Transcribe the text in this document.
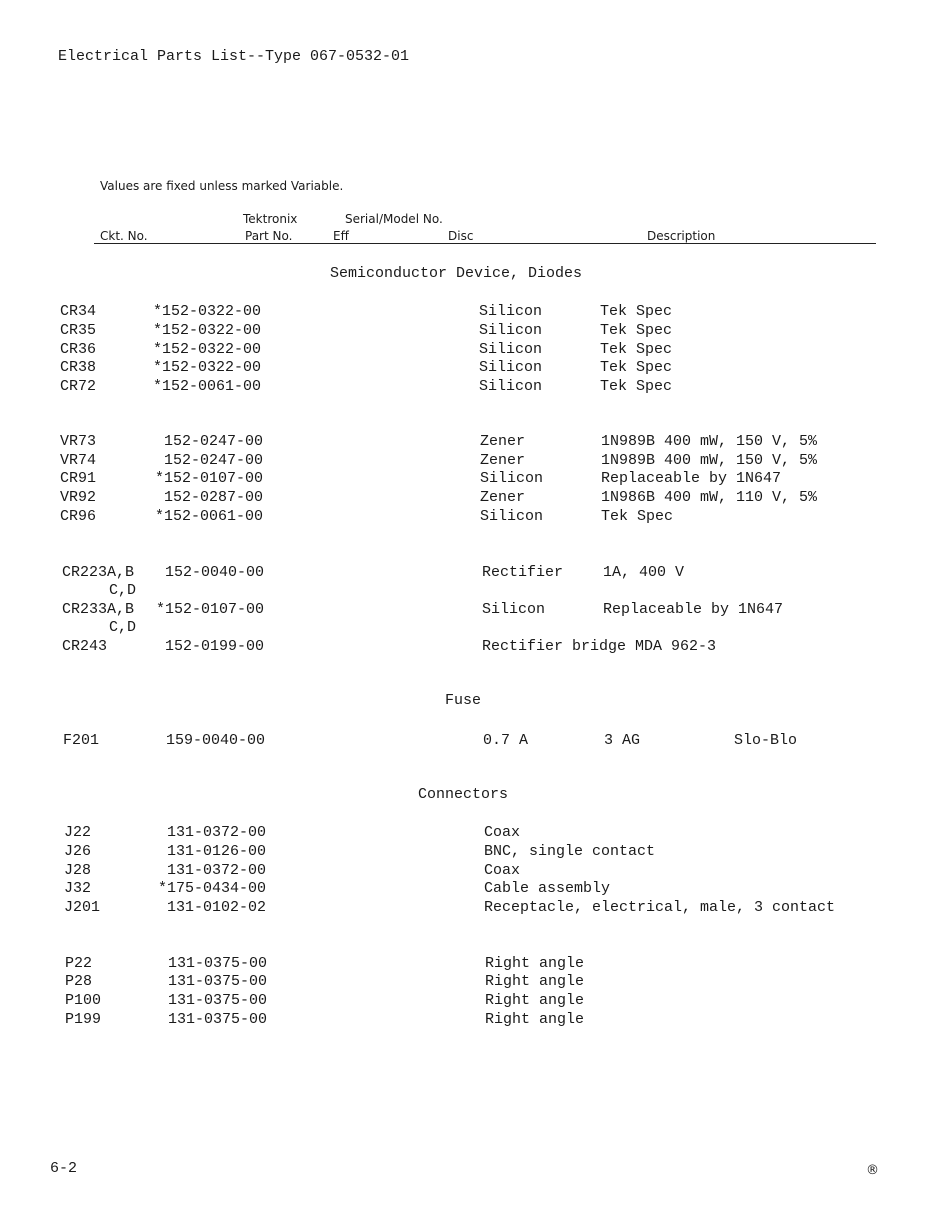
Electrical Parts List--Type 067-0532-01
Values are fixed unless marked Variable.
Tektronix	Serial/Model No.
Ckt. No.	Part No.	Eff	Disc	Description
Semiconductor Device, Diodes
Fuse
Connectors
CR34	*152-0322-00	Silicon	Tek Spec
CR35	*152-0322-00	Silicon	Tek Spec
CR36	*152-0322-00	Silicon	Tek Spec
CR38	*152-0322-00	Silicon	Tek Spec
CR72	*152-0061-00	Silicon	Tek Spec
VR73	152-0247-00	Zener	1N989B 400 mW, 150 V, 5%
VR74	152-0247-00	Zener	1N989B 400 mW, 150 V, 5%
CR91	*152-0107-00	Silicon	Replaceable by 1N647
VR92	152-0287-00	Zener	1N986B 400 mW, 110 V, 5%
CR96	*152-0061-00	Silicon	Tek Spec
CR223A,B 152-0040-00	Rectifier	1A, 400 V
C,D
CR233A,B *152-0107-00	Silicon	Replaceable by 1N647
C,D
CR243	152-0199-00	Rectifier bridge MDA 962-3
F201	159-0040-00	0.7 A	3 AG	Slo-Blo
J22	131-0372-00	Coax
J26	131-0126-00	BNC, single contact
J28	131-0372-00	Coax
J32	*175-0434-00	Cable assembly
J201	131-0102-02	Receptacle, electrical, male, 3 contact
P22	131-0375-00	Right angle
P28	131-0375-00	Right angle
P100	131-0375-00	Right angle
P199	131-0375-00	Right angle
6-2	®
